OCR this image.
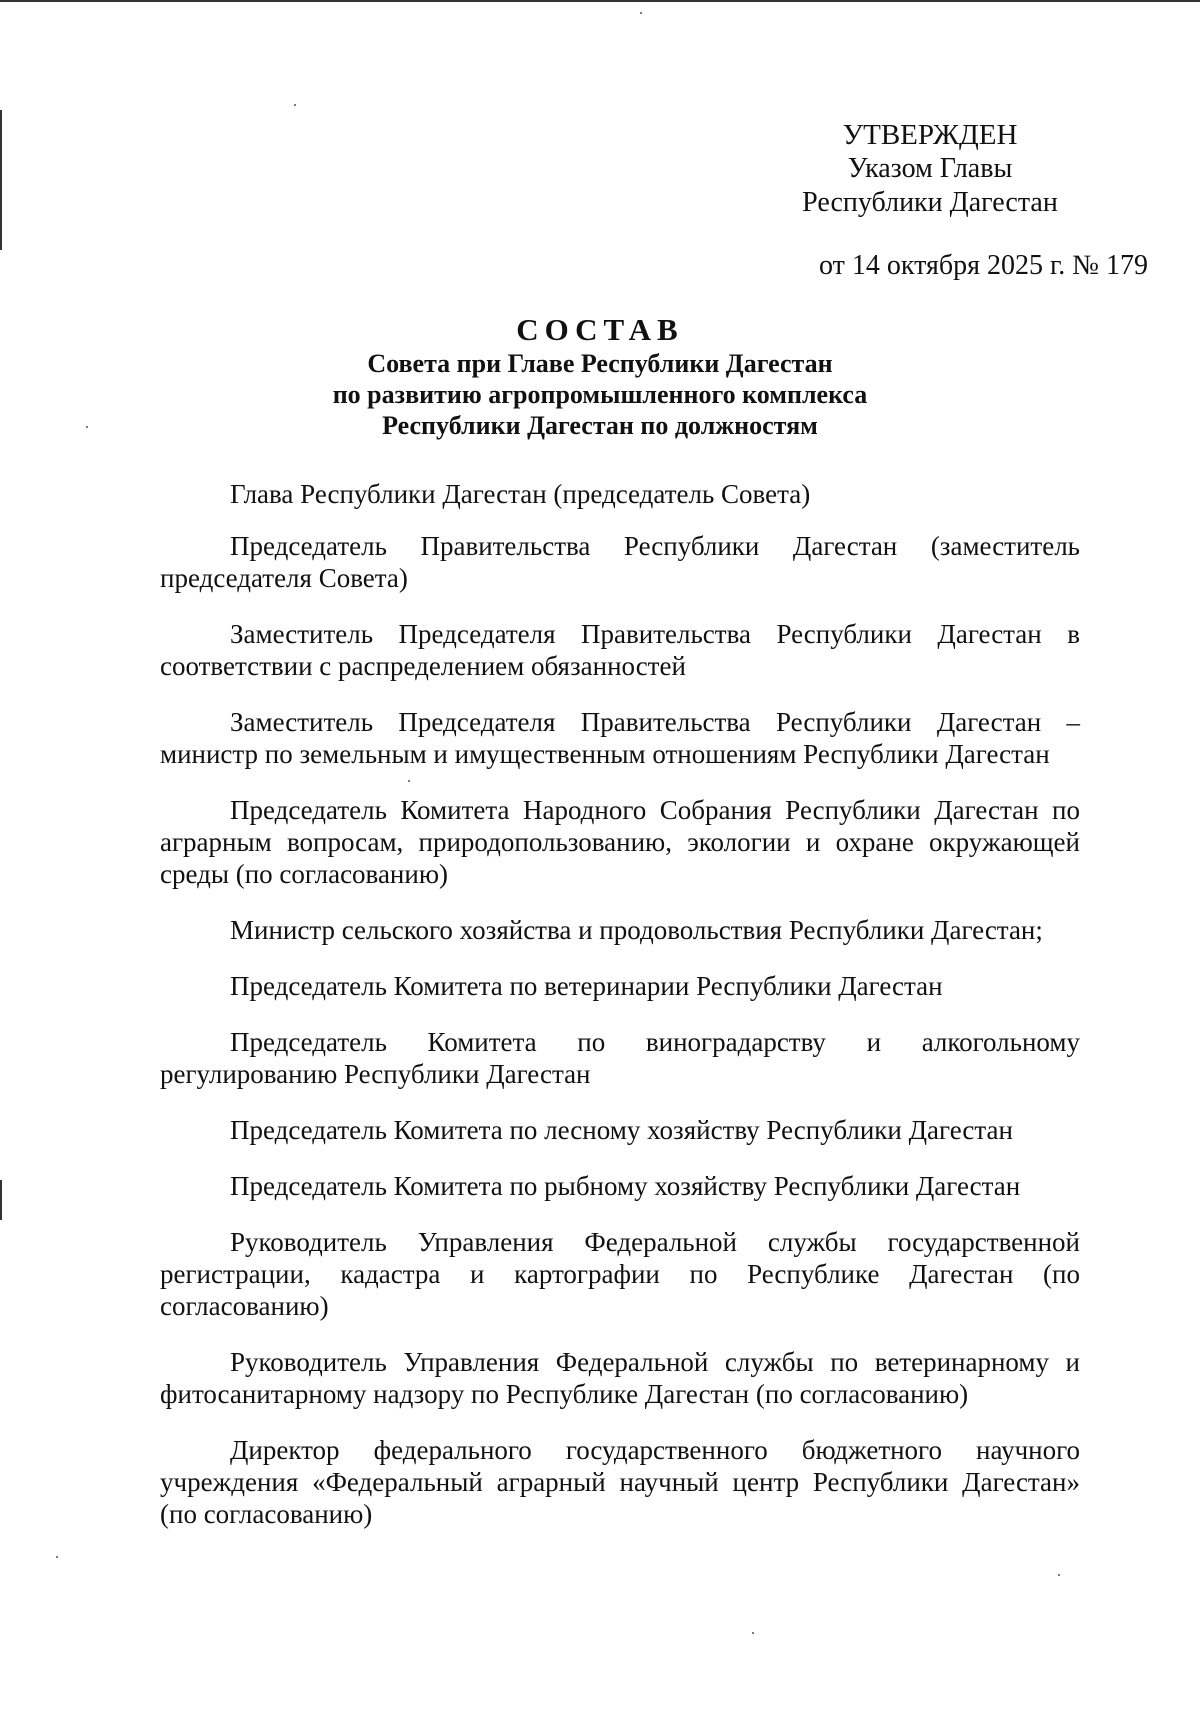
УТВЕРЖДЕН
Указом Главы
Республики Дагестан
от 14 октября 2025 г. № 179
СОСТАВ
Совета при Главе Республики Дагестан
по развитию агропромышленного комплекса
Республики Дагестан по должностям

Глава Республики Дагестан (председатель Совета)

Председатель Правительства Республики Дагестан (заместитель председателя Совета)

Заместитель Председателя Правительства Республики Дагестан в соответствии с распределением обязанностей

Заместитель Председателя Правительства Республики Дагестан – министр по земельным и имущественным отношениям Республики Дагестан

Председатель Комитета Народного Собрания Республики Дагестан по аграрным вопросам, природопользованию, экологии и охране окружающей среды (по согласованию)

Министр сельского хозяйства и продовольствия Республики Дагестан;

Председатель Комитета по ветеринарии Республики Дагестан

Председатель Комитета по виноградарству и алкогольному регулированию Республики Дагестан

Председатель Комитета по лесному хозяйству Республики Дагестан

Председатель Комитета по рыбному хозяйству Республики Дагестан

Руководитель Управления Федеральной службы государственной регистрации, кадастра и картографии по Республике Дагестан (по согласованию)

Руководитель Управления Федеральной службы по ветеринарному и фитосанитарному надзору по Республике Дагестан (по согласованию)

Директор федерального государственного бюджетного научного учреждения «Федеральный аграрный научный центр Республики Дагестан» (по согласованию)
